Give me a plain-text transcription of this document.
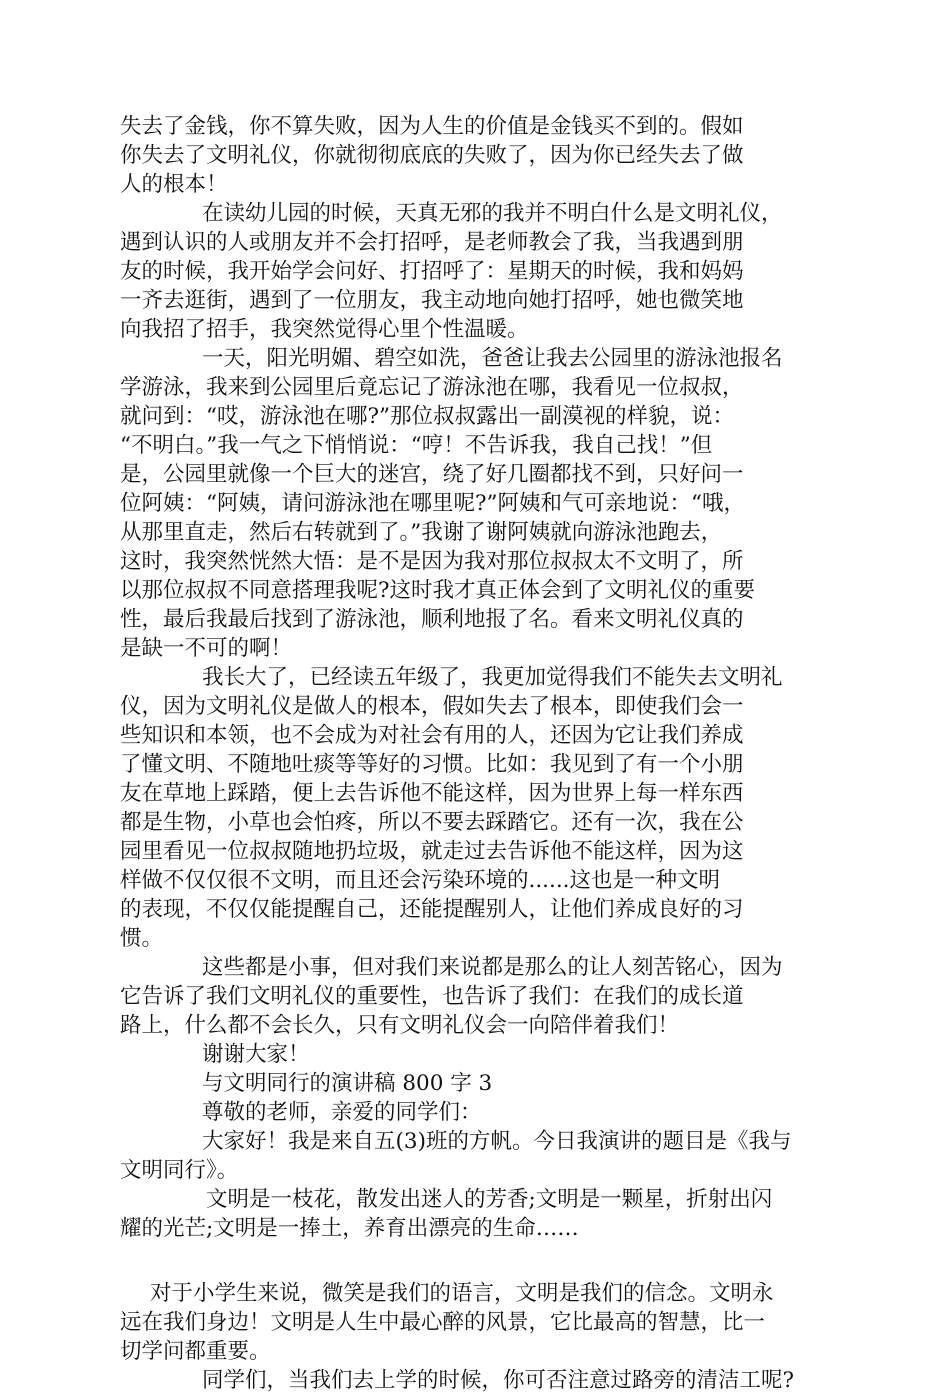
失去了金钱，你不算失败，因为人生的价值是金钱买不到的。假如
你失去了文明礼仪，你就彻彻底底的失败了，因为你已经失去了做
人的根本！
在读幼儿园的时候，天真无邪的我并不明白什么是文明礼仪，
遇到认识的人或朋友并不会打招呼，是老师教会了我，当我遇到朋
友的时候，我开始学会问好、打招呼了：星期天的时候，我和妈妈
一齐去逛街，遇到了一位朋友，我主动地向她打招呼，她也微笑地
向我招了招手，我突然觉得心里个性温暖。
一天，阳光明媚、碧空如洗，爸爸让我去公园里的游泳池报名
学游泳，我来到公园里后竟忘记了游泳池在哪，我看见一位叔叔，
就问到：“哎，游泳池在哪?”那位叔叔露出一副漠视的样貌，说：
“不明白。”我一气之下悄悄说：“哼！不告诉我，我自己找！”但
是，公园里就像一个巨大的迷宫，绕了好几圈都找不到，只好问一
位阿姨：“阿姨，请问游泳池在哪里呢?”阿姨和气可亲地说：“哦，
从那里直走，然后右转就到了。”我谢了谢阿姨就向游泳池跑去，
这时，我突然恍然大悟：是不是因为我对那位叔叔太不文明了，所
以那位叔叔不同意搭理我呢?这时我才真正体会到了文明礼仪的重要
性，最后我最后找到了游泳池，顺利地报了名。看来文明礼仪真的
是缺一不可的啊！
我长大了，已经读五年级了，我更加觉得我们不能失去文明礼
仪，因为文明礼仪是做人的根本，假如失去了根本，即使我们会一
些知识和本领，也不会成为对社会有用的人，还因为它让我们养成
了懂文明、不随地吐痰等等好的习惯。比如：我见到了有一个小朋
友在草地上踩踏，便上去告诉他不能这样，因为世界上每一样东西
都是生物，小草也会怕疼，所以不要去踩踏它。还有一次，我在公
园里看见一位叔叔随地扔垃圾，就走过去告诉他不能这样，因为这
样做不仅仅很不文明，而且还会污染环境的......这也是一种文明
的表现，不仅仅能提醒自己，还能提醒别人，让他们养成良好的习
惯。
这些都是小事，但对我们来说都是那么的让人刻苦铭心，因为
它告诉了我们文明礼仪的重要性，也告诉了我们：在我们的成长道
路上，什么都不会长久，只有文明礼仪会一向陪伴着我们！
谢谢大家！
与文明同行的演讲稿 800 字 3
尊敬的老师，亲爱的同学们：
大家好！我是来自五(3)班的方帆。今日我演讲的题目是《我与
文明同行》。
文明是一枝花，散发出迷人的芳香;文明是一颗星，折射出闪
耀的光芒;文明是一捧土，养育出漂亮的生命……
对于小学生来说，微笑是我们的语言，文明是我们的信念。文明永
远在我们身边！文明是人生中最心醉的风景，它比最高的智慧，比一
切学问都重要。
同学们，当我们去上学的时候，你可否注意过路旁的清洁工呢?
